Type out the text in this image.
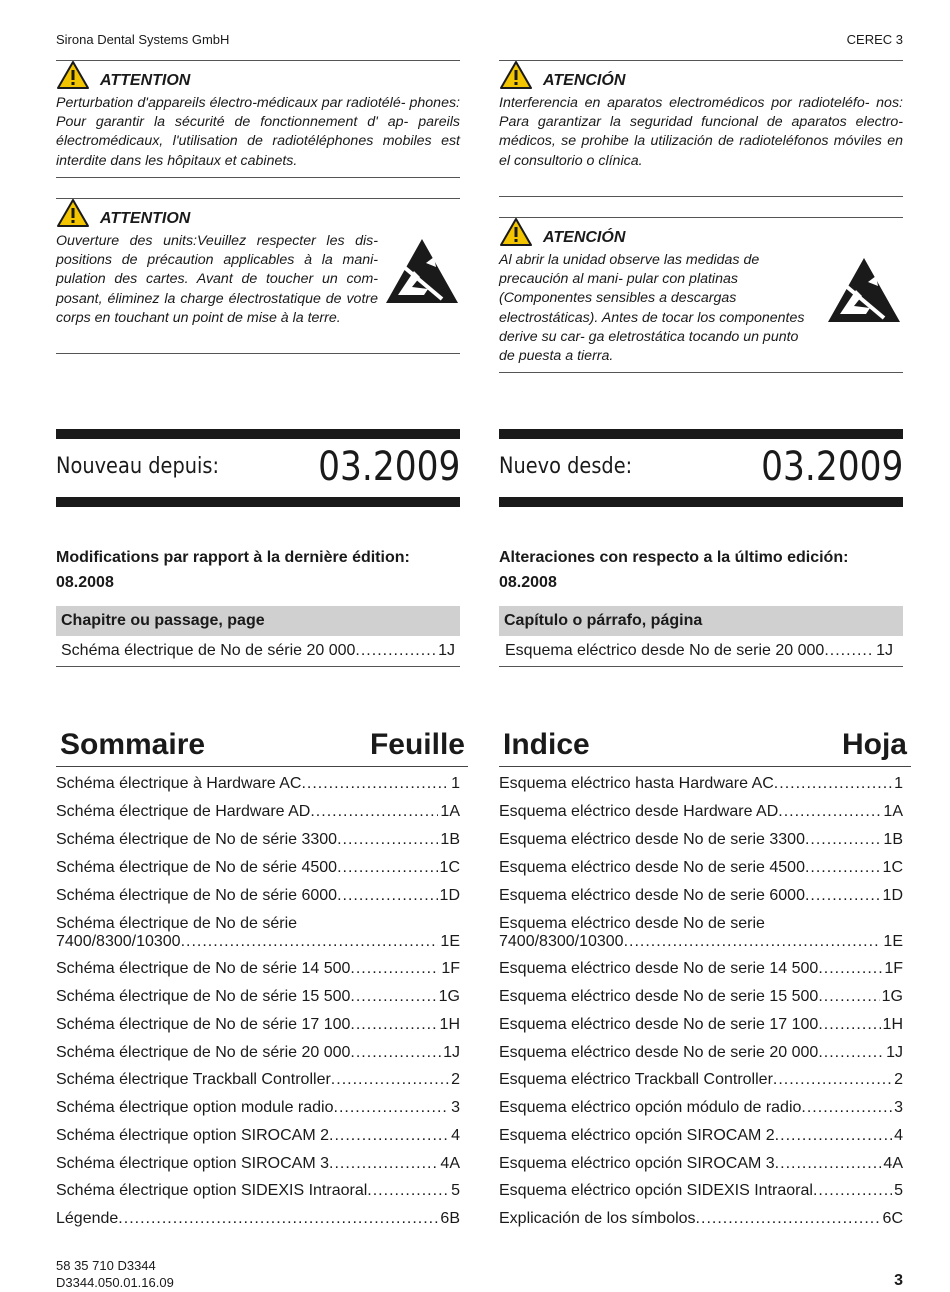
Sirona Dental Systems GmbH	CEREC 3
ATTENTION
Perturbation d'appareils électro-médicaux par radiotélé- phones: Pour garantir la sécurité de fonctionnement d' ap- pareils électromédicaux, l'utilisation de radiotéléphones mobiles est interdite dans les hôpitaux et cabinets.
ATTENTION
Ouverture des units:Veuillez respecter les dis- positions de précaution applicables à la mani- pulation des cartes. Avant de toucher un com- posant, éliminez la charge électrostatique de votre corps en touchant un point de mise à la terre.
Nouveau depuis: 03.2009
Modifications par rapport à la dernière édition:
08.2008
Chapitre ou passage, page
Schéma électrique de No de série 20 000 .....	1J
Sommaire	Feuille
Schéma électrique à Hardware AC .....	1
Schéma électrique de Hardware AD .....	1A
Schéma électrique de No de série 3300 .....	1B
Schéma électrique de No de série 4500 .....	1C
Schéma électrique de No de série 6000 .....	1D
Schéma électrique de No de série
7400/8300/10300 .....	1E
Schéma électrique de No de série 14 500 .....	1F
Schéma électrique de No de série 15 500 .....	1G
Schéma électrique de No de série 17 100 .....	1H
Schéma électrique de No de série 20 000 .....	1J
Schéma électrique Trackball Controller .....	2
Schéma électrique option module radio .....	3
Schéma électrique option SIROCAM 2 .....	4
Schéma électrique option SIROCAM 3 .....	4A
Schéma électrique option SIDEXIS Intraoral .....	5
Légende .....	6B
ATENCIÓN
Interferencia en aparatos electromédicos por radioteléfo- nos: Para garantizar la seguridad funcional de aparatos electro- médicos, se prohibe la utilización de radioteléfonos móviles en el consultorio o clínica.
ATENCIÓN
Al abrir la unidad observe las medidas de precaución al mani- pular con platinas (Componentes sensibles a descargas electrostáticas). Antes de tocar los componentes derive su car- ga eletrostática tocando un punto de puesta a tierra.
Nuevo desde:	03.2009
Alteraciones con respecto a la último edición:
08.2008
Capítulo o párrafo, página
Esquema eléctrico desde No de serie 20 000 .....	1J
Indice	Hoja
Esquema eléctrico hasta Hardware AC .....	1
Esquema eléctrico desde Hardware AD .....	1A
Esquema eléctrico desde No de serie 3300 .....	1B
Esquema eléctrico desde No de serie 4500 .....	1C
Esquema eléctrico desde No de serie 6000 .....	1D
Esquema eléctrico desde No de serie
7400/8300/10300 .....	1E
Esquema eléctrico desde No de serie 14 500 .....	1F
Esquema eléctrico desde No de serie 15 500 .....	1G
Esquema eléctrico desde No de serie 17 100 .....	1H
Esquema eléctrico desde No de serie 20 000 .....	1J
Esquema eléctrico Trackball Controller .....	2
Esquema eléctrico opción módulo de radio .....	3
Esquema eléctrico opción SIROCAM 2 .....	4
Esquema eléctrico opción SIROCAM 3 .....	4A
Esquema eléctrico opción SIDEXIS Intraoral .....	5
Explicación de los símbolos .....	6C
58 35 710 D3344
D3344.050.01.16.09	3
